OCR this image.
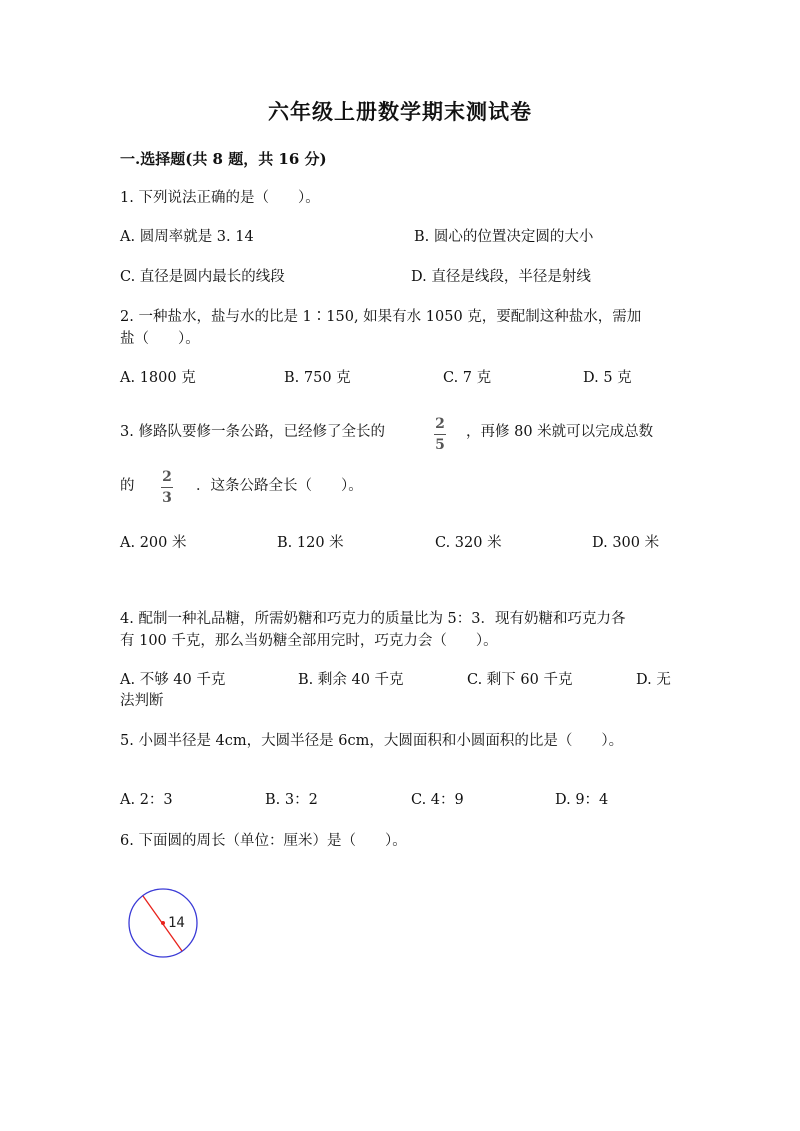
六年级上册数学期末测试卷
一.选择题(共 8 题，共 16 分)
1. 下列说法正确的是（　　）。
A. 圆周率就是 3. 14	B. 圆心的位置决定圆的大小
C. 直径是圆内最长的线段	D. 直径是线段，半径是射线
2. 一种盐水，盐与水的比是 1∶150, 如果有水 1050 克，要配制这种盐水，需加
盐（　　）。
A. 1800 克	B. 750 克	C. 7 克	D. 5 克
3. 修路队要修一条公路，已经修了全长的	2
5
，再修 80 米就可以完成总数
的
2
3
．这条公路全长（　　）。
A. 200 米	B. 120 米	C. 320 米	D. 300 米
4. 配制一种礼品糖，所需奶糖和巧克力的质量比为 5：3．现有奶糖和巧克力各
有 100 千克，那么当奶糖全部用完时，巧克力会（　　）。
A. 不够 40 千克	B. 剩余 40 千克	C. 剩下 60 千克	D. 无
法判断
5. 小圆半径是 4cm，大圆半径是 6cm，大圆面积和小圆面积的比是（　　）。
A. 2：3	B. 3：2	C. 4：9	D. 9：4
6. 下面圆的周长（单位：厘米）是（　　）。
14
